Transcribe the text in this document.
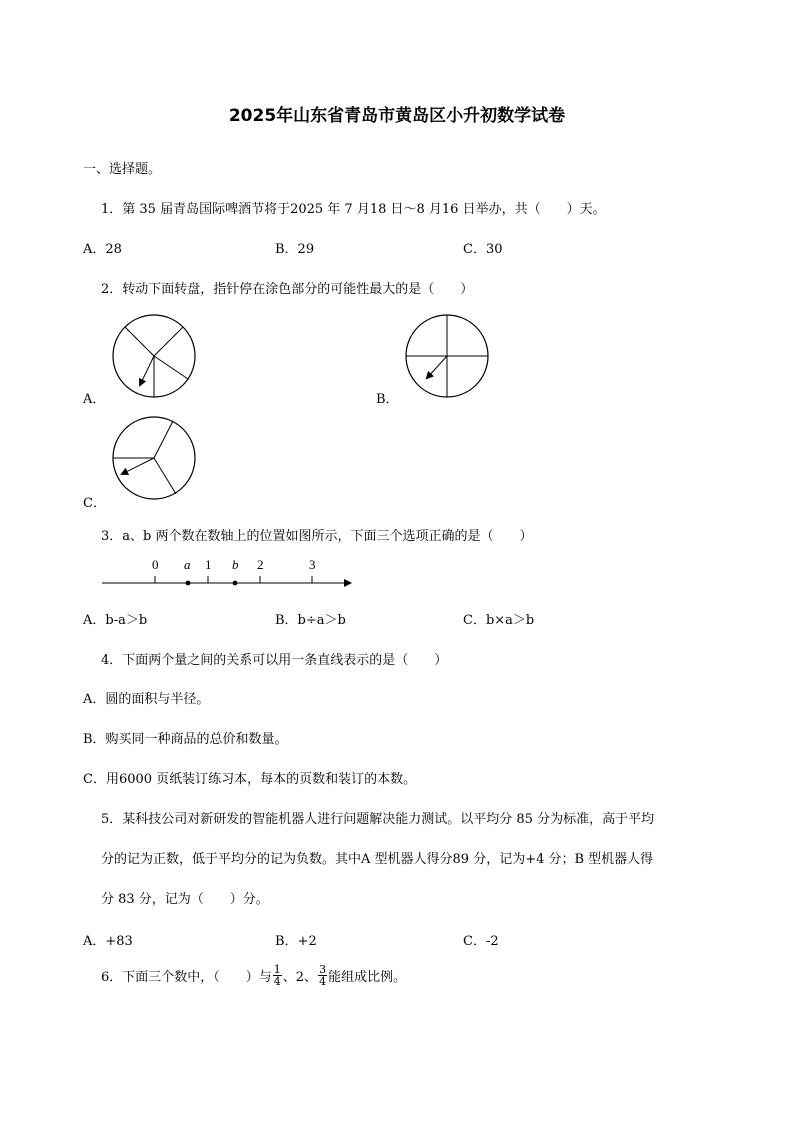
2025年山东省青岛市黄岛区小升初数学试卷
一、选择题。
1．第 35 届青岛国际啤酒节将于2025 年 7 月18 日～8 月16 日举办，共（　　）天。
A．28	B．29	C．30
2．转动下面转盘，指针停在涂色部分的可能性最大的是（　　）
A．	B．
C．
3．a、b 两个数在数轴上的位置如图所示，下面三个选项正确的是（　　）
0 a 1 b 2	3
A．b-a＞b	B．b÷a＞b	C．b×a＞b
4．下面两个量之间的关系可以用一条直线表示的是（　　）
A．圆的面积与半径。
B．购买同一种商品的总价和数量。
C．用6000 页纸装订练习本，每本的页数和装订的本数。
5．某科技公司对新研发的智能机器人进行问题解决能力测试。以平均分 85 分为标准，高于平均
分的记为正数，低于平均分的记为负数。其中A 型机器人得分89 分，记为+4 分；B 型机器人得
分 83 分，记为（　　）分。
A．+83	B．+2	C．-2
6．下面三个数中，（　　）与 $\frac{1}{4}$ 、2、 $\frac{3}{4}$ 能组成比例。
